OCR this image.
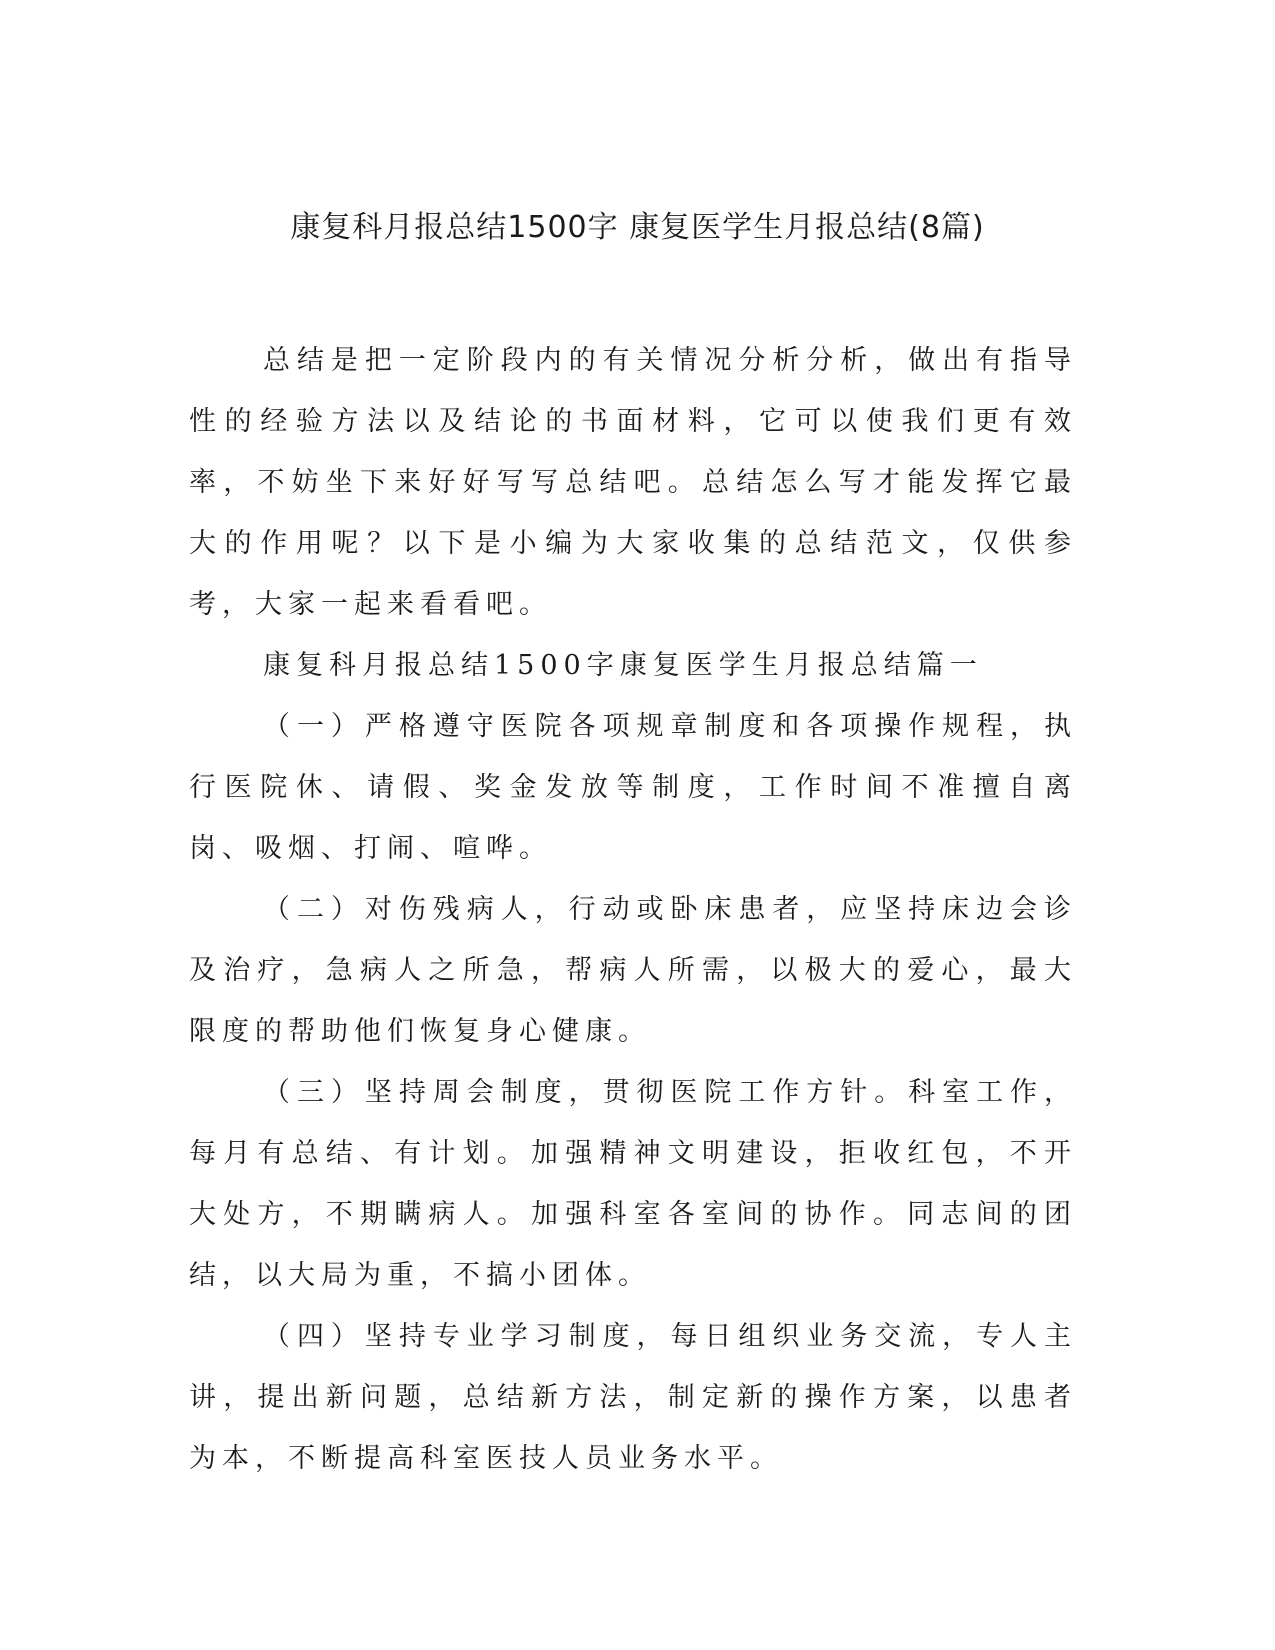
康复科月报总结1500字 康复医学生月报总结(8篇)

总结是把一定阶段内的有关情况分析分析，做出有指导性的经验方法以及结论的书面材料，它可以使我们更有效率，不妨坐下来好好写写总结吧。总结怎么写才能发挥它最大的作用呢？以下是小编为大家收集的总结范文，仅供参考，大家一起来看看吧。

康复科月报总结1500字康复医学生月报总结篇一

（一）严格遵守医院各项规章制度和各项操作规程，执行医院休、请假、奖金发放等制度，工作时间不准擅自离岗、吸烟、打闹、喧哗。

（二）对伤残病人，行动或卧床患者，应坚持床边会诊及治疗，急病人之所急，帮病人所需，以极大的爱心，最大限度的帮助他们恢复身心健康。

（三）坚持周会制度，贯彻医院工作方针。科室工作，每月有总结、有计划。加强精神文明建设，拒收红包，不开大处方，不期瞒病人。加强科室各室间的协作。同志间的团结，以大局为重，不搞小团体。

（四）坚持专业学习制度，每日组织业务交流，专人主讲，提出新问题，总结新方法，制定新的操作方案，以患者为本，不断提高科室医技人员业务水平。
